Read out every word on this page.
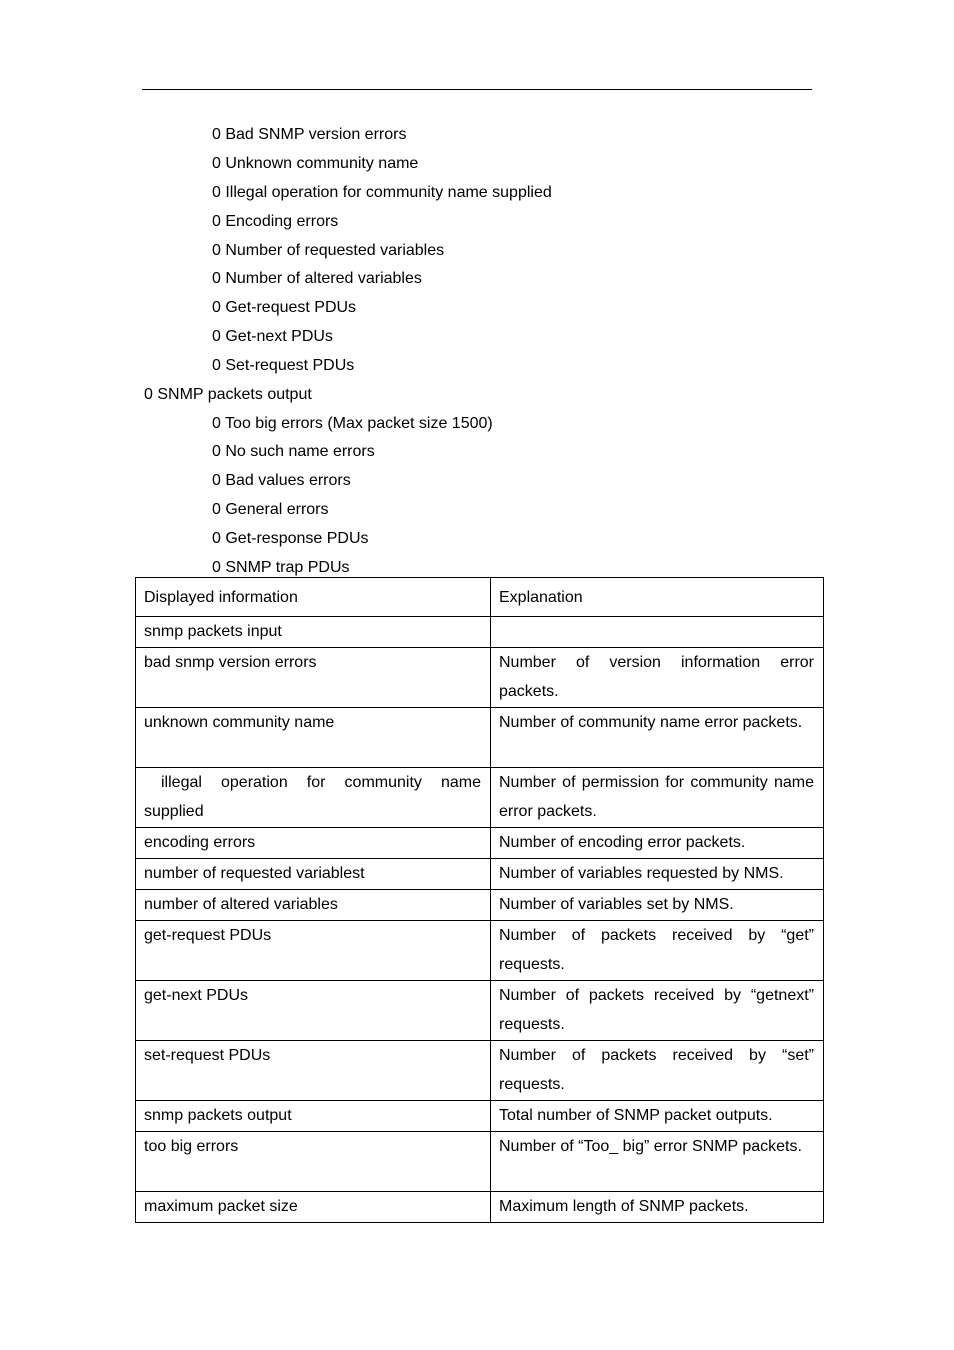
0 Bad SNMP version errors
0 Unknown community name
0 Illegal operation for community name supplied
0 Encoding errors
0 Number of requested variables
0 Number of altered variables
0 Get-request PDUs
0 Get-next PDUs
0 Set-request PDUs
0 SNMP packets output
0 Too big errors (Max packet size 1500)
0 No such name errors
0 Bad values errors
0 General errors
0 Get-response PDUs
0 SNMP trap PDUs
Displayed information	Explanation
snmp packets input	
bad snmp version errors	Number of version information error packets.
unknown community name	Number of community name error packets.
illegal operation for community name supplied	Number of permission for community name error packets.
encoding errors	Number of encoding error packets.
number of requested variablest	Number of variables requested by NMS.
number of altered variables	Number of variables set by NMS.
get-request PDUs	Number of packets received by “get” requests.
get-next PDUs	Number of packets received by “getnext” requests.
set-request PDUs	Number of packets received by “set” requests.
snmp packets output	Total number of SNMP packet outputs.
too big errors	Number of “Too_ big” error SNMP packets.
maximum packet size	Maximum length of SNMP packets.
